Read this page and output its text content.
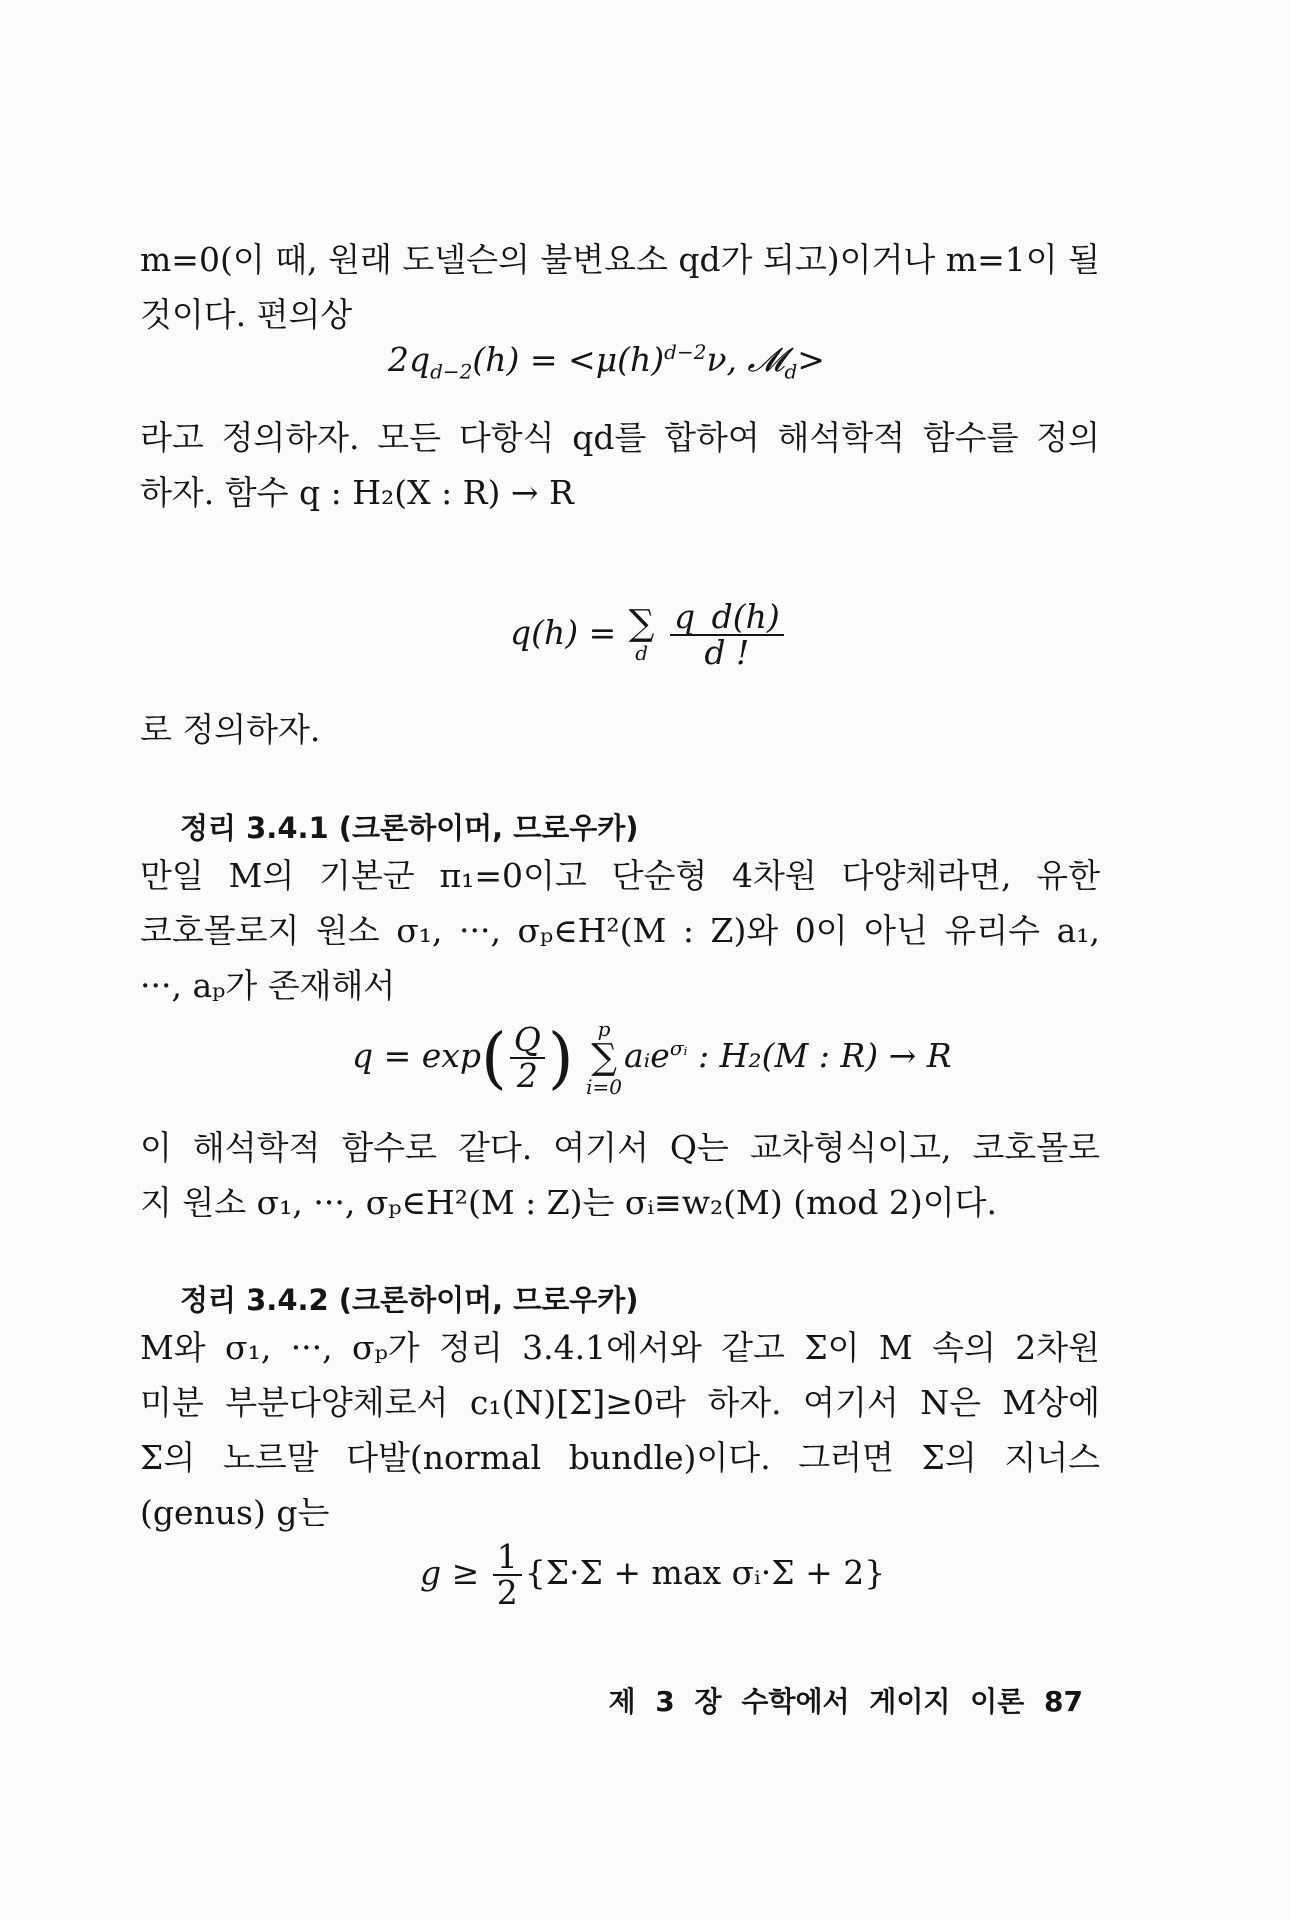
m=0(이 때, 원래 도넬슨의 불변요소 qd가 되고)이거나 m=1이 될
것이다. 편의상
$2q_{d-2}(h) = <\mu(h)^{d-2}\nu$, 𝓜$_d$>
라고 정의하자. 모든 다항식 qd를 합하여 해석학적 함수를 정의
하자. 함수 q : H₂(X : R) → R
q(h) = ∑
d
$\frac{q\_d(h)}{d !}$
로 정의하자.
정리 3.4.1 (크론하이머, 므로우카)
만일 M의 기본군 π₁=0이고 단순형 4차원 다양체라면, 유한
코호몰로지 원소 σ₁, ···, σₚ∈H²(M : Z)와 0이 아닌 유리수 a₁,
···, aₚ가 존재해서
$q = \exp( \frac{Q}{2}$ )	p
∑
i=0
aᵢe$^{\sigma ᵢ}$ : H₂(M : R) → R
이 해석학적 함수로 같다. 여기서 Q는 교차형식이고, 코호몰로
지 원소 σ₁, ···, σₚ∈H²(M : Z)는 σᵢ≡w₂(M) (mod 2)이다.
정리 3.4.2 (크론하이머, 므로우카)
M와 σ₁, ···, σₚ가 정리 3.4.1에서와 같고 Σ이 M 속의 2차원
미분 부분다양체로서 c₁(N)[Σ]≥0라 하자. 여기서 N은 M상에
Σ의 노르말 다발(normal bundle)이다. 그러면 Σ의 지너스
(genus) g는
$g \ge \frac{1}{2} \{\Sigma\cdot\Sigma + \max$ σᵢ·Σ + 2}
제 3 장 수학에서 게이지 이론 87
